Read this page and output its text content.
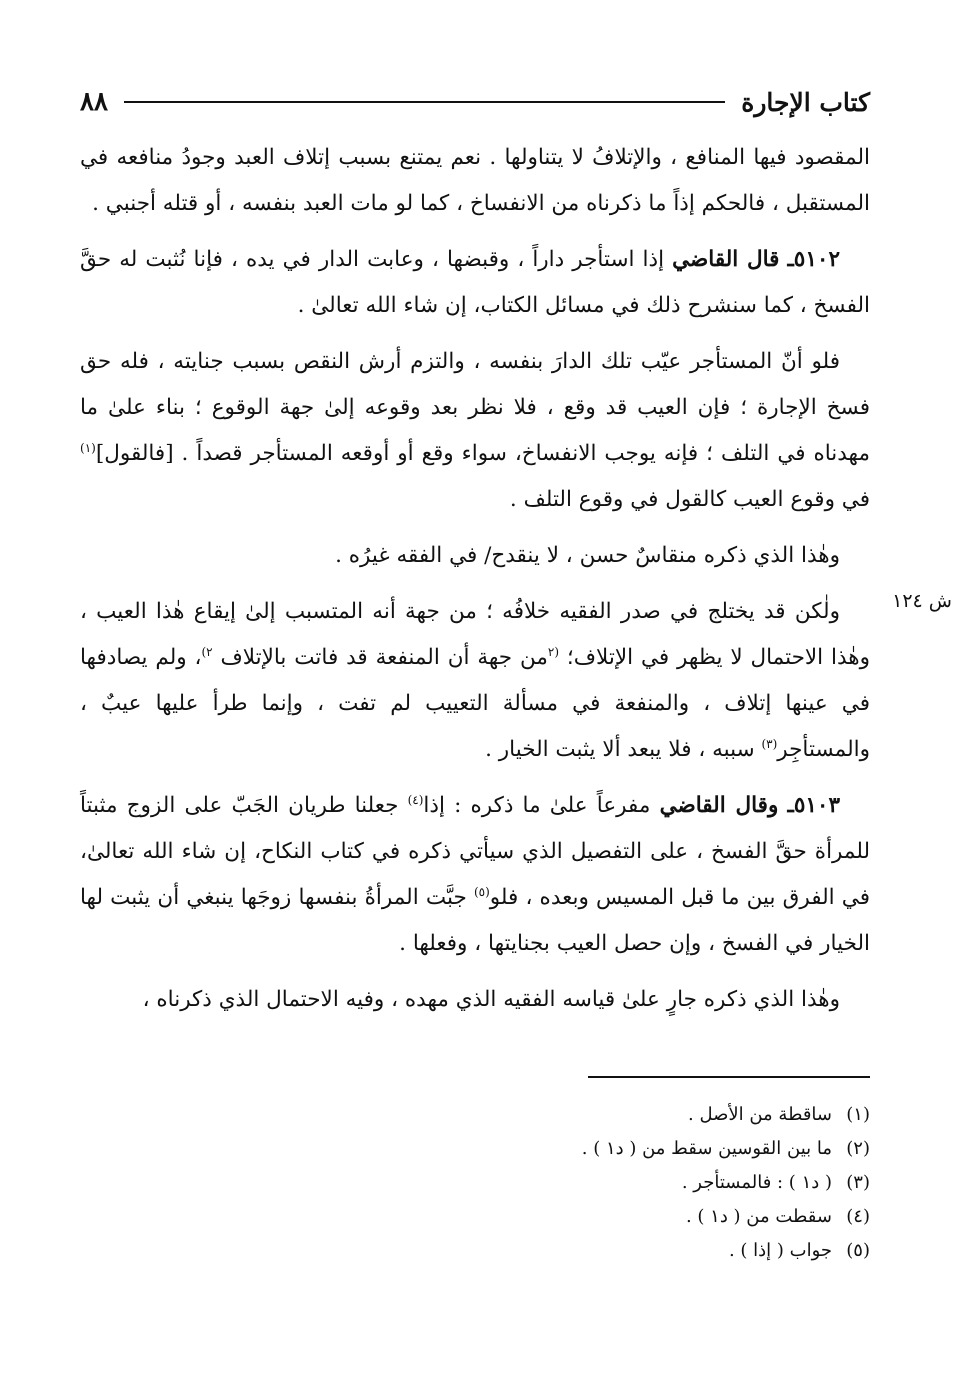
كتاب الإجارة
٨٨
ش ١٢٤

المقصود فيها المنافع ، والإتلافُ لا يتناولها . نعم يمتنع بسبب إتلاف العبد وجودُ منافعه في المستقبل ، فالحكم إذاً ما ذكرناه من الانفساخ ، كما لو مات العبد بنفسه ، أو قتله أجنبي .

٥١٠٢ـ قال القاضي إذا استأجر داراً ، وقبضها ، وعابت الدار في يده ، فإنا نُثبت له حقَّ الفسخ ، كما سنشرح ذلك في مسائل الكتاب، إن شاء الله تعالىٰ .

فلو أنّ المستأجر عيّب تلك الدارَ بنفسه ، والتزم أرش النقص بسبب جنايته ، فله حق فسخ الإجارة ؛ فإن العيب قد وقع ، فلا نظر بعد وقوعه إلىٰ جهة الوقوع ؛ بناء علىٰ ما مهدناه في التلف ؛ فإنه يوجب الانفساخ، سواء وقع أو أوقعه المستأجر قصداً . [فالقول]$^{(١)}$ في وقوع العيب كالقول في وقوع التلف .

وهٰذا الذي ذكره منقاسٌ حسن ، لا ينقدح/ في الفقه غيرُه .

ولٰكن قد يختلج في صدر الفقيه خلافُه ؛ من جهة أنه المتسبب إلىٰ إيقاع هٰذا العيب ، وهٰذا الاحتمال لا يظهر في الإتلاف؛ $^{(٢}$من جهة أن المنفعة قد فاتت بالإتلاف $^{٢)}$، ولم يصادفها في عينها إتلاف ، والمنفعة في مسألة التعييب لم تفت ، وإنما طرأ عليها عيبٌ ، والمستأجِر$^{(٣)}$ سببه ، فلا يبعد ألا يثبت الخيار .

٥١٠٣ـ وقال القاضي مفرعاً علىٰ ما ذكره : إذا$^{(٤)}$ جعلنا طريان الجَبّ على الزوج مثبتاً للمرأة حقَّ الفسخ ، على التفصيل الذي سيأتي ذكره في كتاب النكاح، إن شاء الله تعالىٰ، في الفرق بين ما قبل المسيس وبعده ، فلو$^{(٥)}$ جبَّت المرأةُ بنفسها زوجَها ينبغي أن يثبت لها الخيار في الفسخ ، وإن حصل العيب بجنايتها ، وفعلها .

وهٰذا الذي ذكره جارٍ علىٰ قياسه الفقيه الذي مهده ، وفيه الاحتمال الذي ذكرناه ،

(١)
ساقطة من الأصل .
(٢)
ما بين القوسين سقط من ( د١ ) .
(٣)
( د١ ) : فالمستأجر .
(٤)
سقطت من ( د١ ) .
(٥)
جواب ( إذا ) .
